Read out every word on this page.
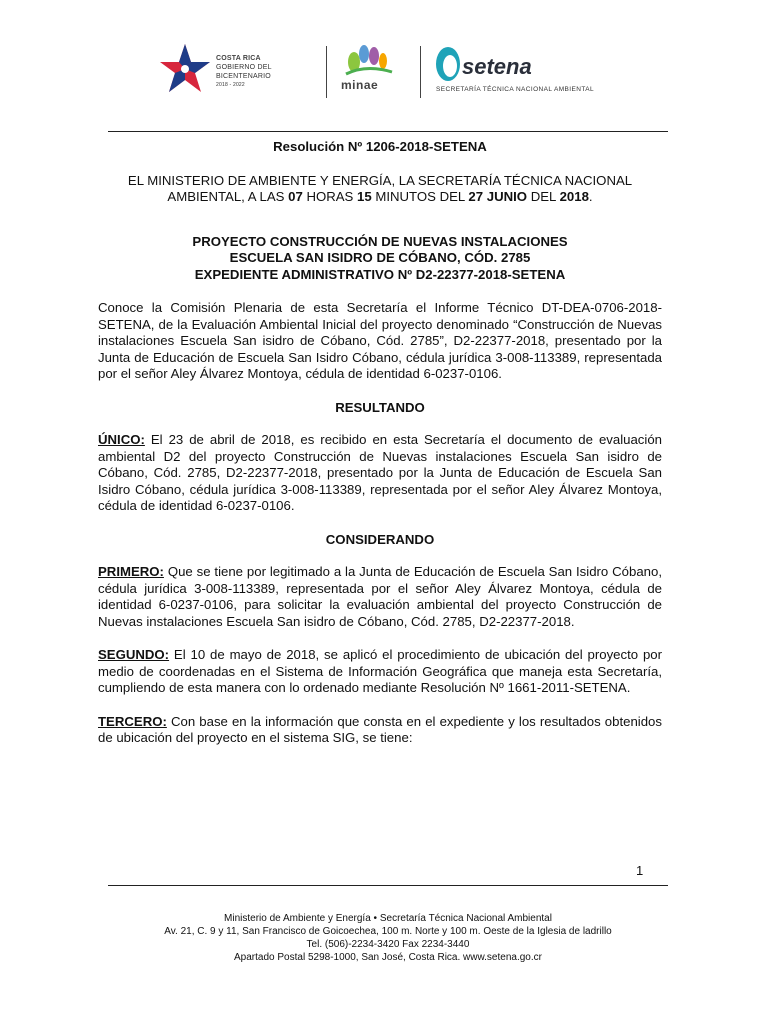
COSTA RICA
GOBIERNO DEL BICENTENARIO
2018 - 2022	minae
setena
SECRETARÍA TÉCNICA NACIONAL AMBIENTAL

Resolución Nº 1206-2018-SETENA

EL MINISTERIO DE AMBIENTE Y ENERGÍA, LA SECRETARÍA TÉCNICA NACIONAL AMBIENTAL, A LAS 07 HORAS 15 MINUTOS DEL 27 JUNIO DEL 2018.

PROYECTO CONSTRUCCIÓN DE NUEVAS INSTALACIONES

ESCUELA SAN ISIDRO DE CÓBANO, CÓD. 2785

EXPEDIENTE ADMINISTRATIVO Nº D2-22377-2018-SETENA

Conoce la Comisión Plenaria de esta Secretaría el Informe Técnico DT-DEA-0706-2018-SETENA, de la Evaluación Ambiental Inicial del proyecto denominado “Construcción de Nuevas instalaciones Escuela San isidro de Cóbano, Cód. 2785”, D2-22377-2018, presentado por la Junta de Educación de Escuela San Isidro Cóbano, cédula jurídica 3-008-113389, representada por el señor Aley Álvarez Montoya, cédula de identidad 6-0237-0106.

RESULTANDO

ÚNICO: El 23 de abril de 2018, es recibido en esta Secretaría el documento de evaluación ambiental D2 del proyecto Construcción de Nuevas instalaciones Escuela San isidro de Cóbano, Cód. 2785, D2-22377-2018, presentado por la Junta de Educación de Escuela San Isidro Cóbano, cédula jurídica 3-008-113389, representada por el señor Aley Álvarez Montoya, cédula de identidad 6-0237-0106.

CONSIDERANDO

PRIMERO: Que se tiene por legitimado a la Junta de Educación de Escuela San Isidro Cóbano, cédula jurídica 3-008-113389, representada por el señor Aley Álvarez Montoya, cédula de identidad 6-0237-0106, para solicitar la evaluación ambiental del proyecto Construcción de Nuevas instalaciones Escuela San isidro de Cóbano, Cód. 2785, D2-22377-2018.

SEGUNDO: El 10 de mayo de 2018, se aplicó el procedimiento de ubicación del proyecto por medio de coordenadas en el Sistema de Información Geográfica que maneja esta Secretaría, cumpliendo de esta manera con lo ordenado mediante Resolución Nº 1661-2011-SETENA.

TERCERO: Con base en la información que consta en el expediente y los resultados obtenidos de ubicación del proyecto en el sistema SIG, se tiene:

1
Ministerio de Ambiente y Energía • Secretaría Técnica Nacional Ambiental
Av. 21, C. 9 y 11, San Francisco de Goicoechea, 100 m. Norte y 100 m. Oeste de la Iglesia de ladrillo
Tel. (506)-2234-3420 Fax 2234-3440
Apartado Postal 5298-1000, San José, Costa Rica. www.setena.go.cr
